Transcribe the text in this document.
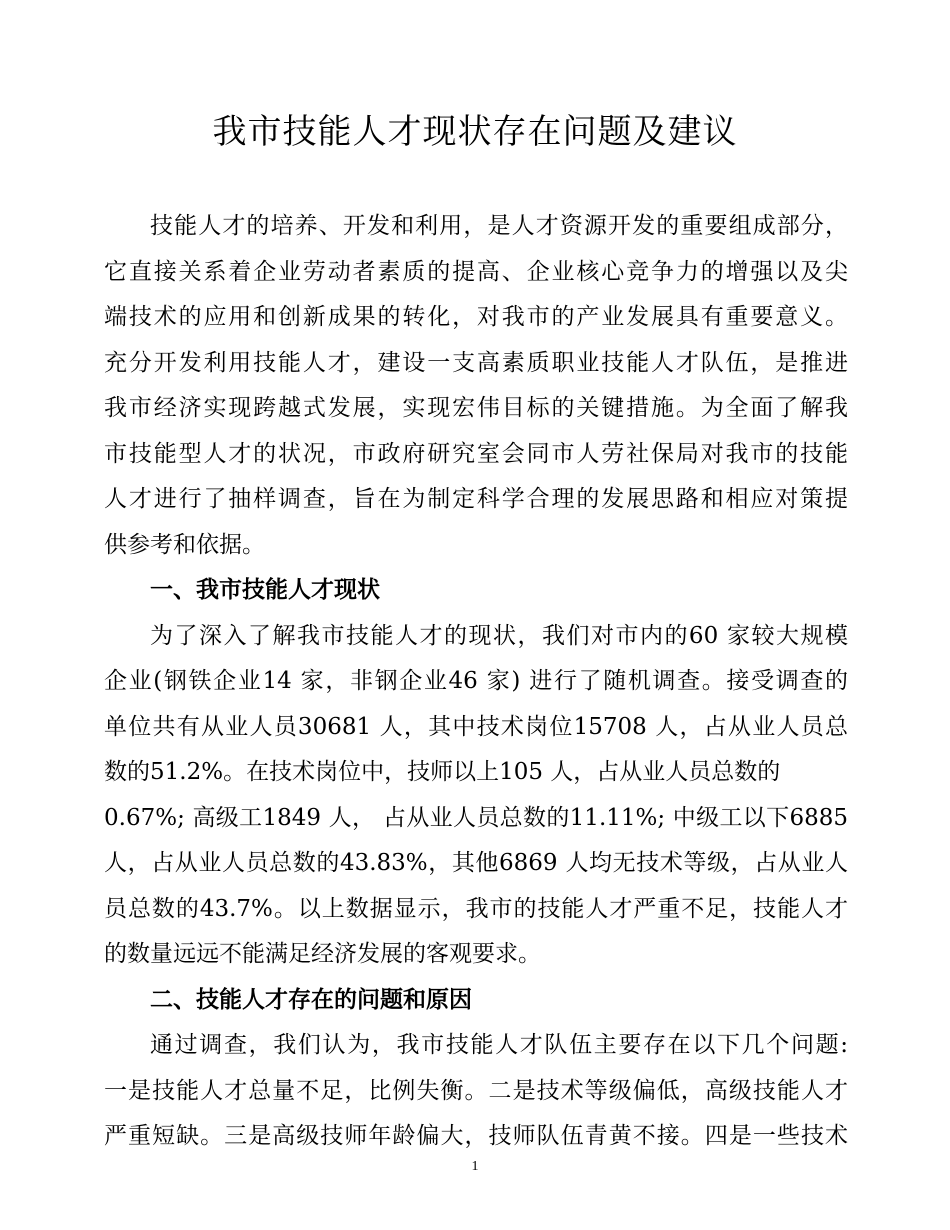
我市技能人才现状存在问题及建议
技能人才的培养、开发和利用，是人才资源开发的重要组成部分，
它直接关系着企业劳动者素质的提高、企业核心竞争力的增强以及尖
端技术的应用和创新成果的转化，对我市的产业发展具有重要意义。
充分开发利用技能人才，建设一支高素质职业技能人才队伍，是推进
我市经济实现跨越式发展，实现宏伟目标的关键措施。为全面了解我
市技能型人才的状况，市政府研究室会同市人劳社保局对我市的技能
人才进行了抽样调查，旨在为制定科学合理的发展思路和相应对策提
供参考和依据。
一、我市技能人才现状
为了深入了解我市技能人才的现状，我们对市内的60 家较大规模
企业(钢铁企业14 家，非钢企业46 家) 进行了随机调查。接受调查的
单位共有从业人员30681 人，其中技术岗位15708 人，占从业人员总
数的51.2%。在技术岗位中，技师以上105 人，占从业人员总数的
0.67%; 高级工1849 人， 占从业人员总数的11.11%; 中级工以下6885
人，占从业人员总数的43.83%，其他6869 人均无技术等级，占从业人
员总数的43.7%。以上数据显示，我市的技能人才严重不足，技能人才
的数量远远不能满足经济发展的客观要求。
二、技能人才存在的问题和原因
通过调查，我们认为，我市技能人才队伍主要存在以下几个问题:
一是技能人才总量不足，比例失衡。二是技术等级偏低，高级技能人才
严重短缺。三是高级技师年龄偏大，技师队伍青黄不接。四是一些技术
1
